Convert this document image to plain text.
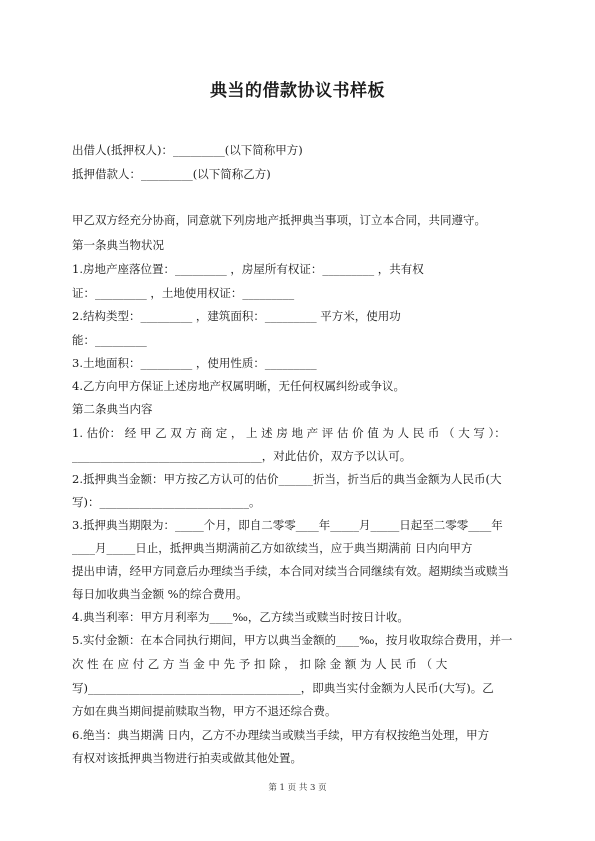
典当的借款协议书样板
出借人(抵押权人)：_________(以下简称甲方)
抵押借款人：_________(以下简称乙方)
甲乙双方经充分协商，同意就下列房地产抵押典当事项，订立本合同，共同遵守。
第一条典当物状况
1.房地产座落位置：_________ ，房屋所有权证：_________ ，共有权
证：_________ ，土地使用权证：_________
2.结构类型：_________ ，建筑面积：_________ 平方米，使用功
能：_________
3.土地面积：_________ ，使用性质：_________
4.乙方向甲方保证上述房地产权属明晰，无任何权属纠纷或争议。
第二条典当内容
1. 估价： 经 甲 乙 双 方 商 定 ， 上 述 房 地 产 评 估 价 值 为 人 民 币 （ 大 写 ）：
_________________________________，对此估价，双方予以认可。
2.抵押典当金额：甲方按乙方认可的估价______折当，折当后的典当金额为人民币(大
写)：__________________________。
3.抵押典当期限为：_____个月，即自二零零____年_____月_____日起至二零零____年
____月_____日止，抵押典当期满前乙方如欲续当，应于典当期满前 日内向甲方
提出申请，经甲方同意后办理续当手续，本合同对续当合同继续有效。超期续当或赎当
每日加收典当金额 %的综合费用。
4.典当利率：甲方月利率为____‰，乙方续当或赎当时按日计收。
5.实付金额：在本合同执行期间，甲方以典当金额的____‰，按月收取综合费用，并一
次 性 在 应 付 乙 方 当 金 中 先 予 扣 除 ， 扣 除 金 额 为 人 民 币 （ 大
写)_____________________________________，即典当实付金额为人民币(大写)。乙
方如在典当期间提前赎取当物，甲方不退还综合费。
6.绝当：典当期满 日内，乙方不办理续当或赎当手续，甲方有权按绝当处理，甲方
有权对该抵押典当物进行拍卖或做其他处置。
第 1 页 共 3 页
